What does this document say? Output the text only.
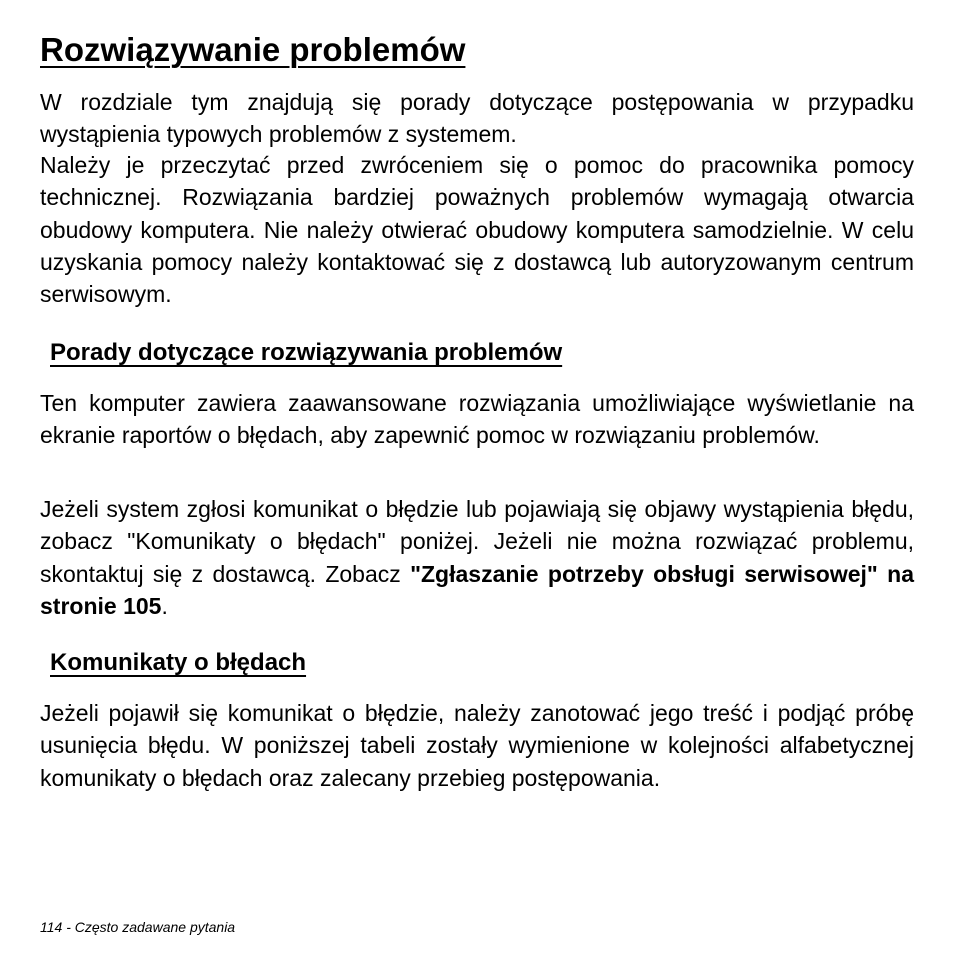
Rozwiązywanie problemów

W rozdziale tym znajdują się porady dotyczące postępowania w przypadku wystąpienia typowych problemów z systemem.

Należy je przeczytać przed zwróceniem się o pomoc do pracownika pomocy technicznej. Rozwiązania bardziej poważnych problemów wymagają otwarcia obudowy komputera. Nie należy otwierać obudowy komputera samodzielnie. W celu uzyskania pomocy należy kontaktować się z dostawcą lub autoryzowanym centrum serwisowym.

Porady dotyczące rozwiązywania problemów

Ten komputer zawiera zaawansowane rozwiązania umożliwiające wyświetlanie na ekranie raportów o błędach, aby zapewnić pomoc w rozwiązaniu problemów.

Jeżeli system zgłosi komunikat o błędzie lub pojawiają się objawy wystąpienia błędu, zobacz "Komunikaty o błędach" poniżej. Jeżeli nie można rozwiązać problemu, skontaktuj się z dostawcą. Zobacz "Zgłaszanie potrzeby obsługi serwisowej" na stronie 105.

Komunikaty o błędach

Jeżeli pojawił się komunikat o błędzie, należy zanotować jego treść i podjąć próbę usunięcia błędu. W poniższej tabeli zostały wymienione w kolejności alfabetycznej komunikaty o błędach oraz zalecany przebieg postępowania.

114 - Często zadawane pytania
